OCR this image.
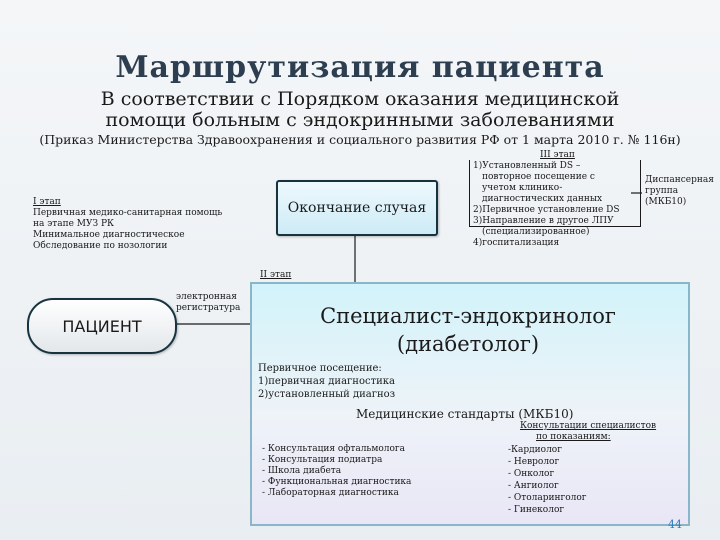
Маршрутизация пациента
В соответствии с Порядком оказания медицинской
помощи больным с эндокринными заболеваниями
(Приказ Министерства Здравоохранения и социального развития РФ от 1 марта 2010 г. № 116н)
I этап
Первичная медико-санитарная помощь
на этапе МУЗ РК
Минимальное диагностическое
Обследование по нозологии
Окончание случая
III этап
1)Установленный DS –
повторное посещение с
учетом клинико-
диагностических данных
2)Первичное установление DS
3)Направление в другое ЛПУ
(специализированное)
4)госпитализация
Диспансерная
группа (МКБ10)
II этап
электронная
регистратура
ПАЦИЕНТ	Специалист-эндокринолог
(диабетолог)
Первичное посещение:
1)первичная диагностика
2)установленный диагноз
Медицинские стандарты (МКБ10)
- Консультация офтальмолога
- Консультация подиатра
- Школа диабета
- Функциональная диагностика
- Лабораторная диагностика
Консультации специалистов
по показаниям:
-Кардиолог
- Невролог
- Онколог
- Ангиолог
- Отоларинголог
- Гинеколог
44
